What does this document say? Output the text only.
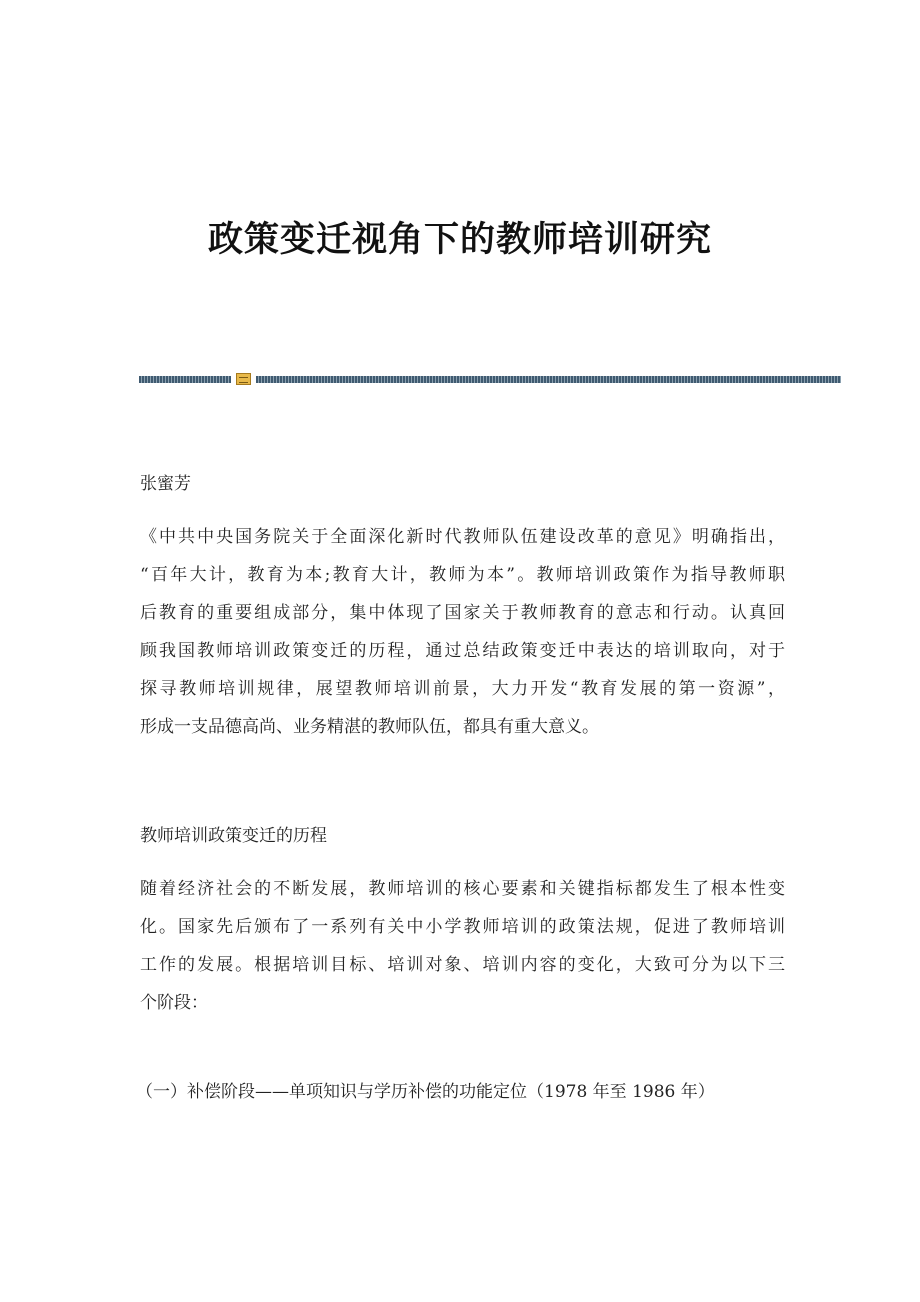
政策变迁视角下的教师培训研究
张蜜芳
《中共中央国务院关于全面深化新时代教师队伍建设改革的意见》明确指出，
“百年大计，教育为本;教育大计，教师为本”。教师培训政策作为指导教师职
后教育的重要组成部分，集中体现了国家关于教师教育的意志和行动。认真回
顾我国教师培训政策变迁的历程，通过总结政策变迁中表达的培训取向，对于
探寻教师培训规律，展望教师培训前景，大力开发“教育发展的第一资源”，
形成一支品德高尚、业务精湛的教师队伍，都具有重大意义。
教师培训政策变迁的历程
随着经济社会的不断发展，教师培训的核心要素和关键指标都发生了根本性变
化。国家先后颁布了一系列有关中小学教师培训的政策法规，促进了教师培训
工作的发展。根据培训目标、培训对象、培训内容的变化，大致可分为以下三
个阶段：
（一）补偿阶段——单项知识与学历补偿的功能定位（1978 年至 1986 年）
